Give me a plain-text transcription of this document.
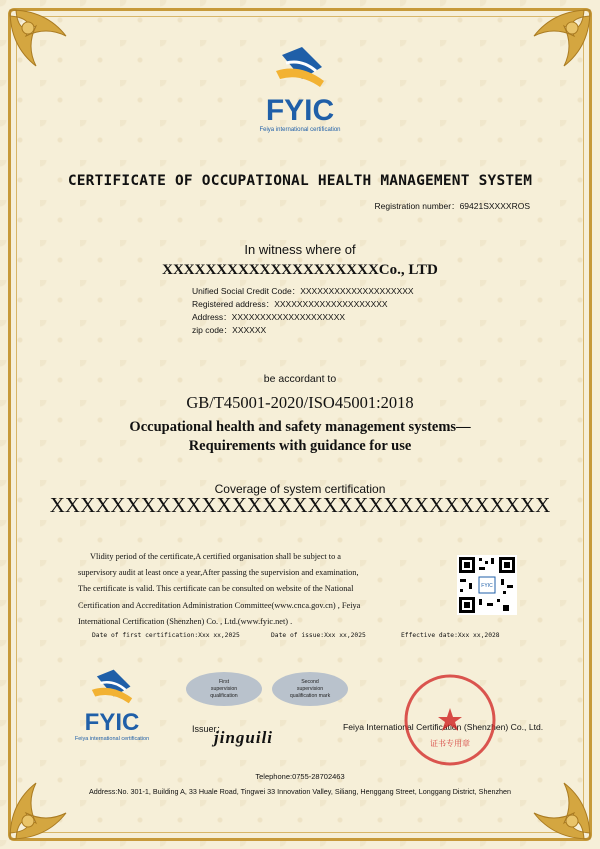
FYIC
Feiya international certification
CERTIFICATE OF OCCUPATIONAL HEALTH MANAGEMENT SYSTEM
Registration number：69421SXXXXROS
In witness where of
XXXXXXXXXXXXXXXXXXXXCo., LTD
Unified Social Credit Code：XXXXXXXXXXXXXXXXXXXX
Registered address：XXXXXXXXXXXXXXXXXXXX
Address：XXXXXXXXXXXXXXXXXXXX
zip code：XXXXXX
be accordant to
GB/T45001-2020/ISO45001:2018
Occupational health and safety management systems—
Requirements with guidance for use
Coverage of system certification
XXXXXXXXXXXXXXXXXXXXXXXXXXXXXXXXX
Vlidity period of the certificate,A certified organisation shall be subject to a
supervisory audit at least once a year,After passing the supervision and examination,
The certificate is valid. This certificate can be consulted on website of the National
Certification and Accreditation Administration Committee(www.cnca.gov.cn) , Feiya
International Certification (Shenzhen) Co. , Ltd.(www.fyic.net) .
FYIC
Date of first certification:Xxx xx,2025	Date of issue:Xxx xx,2025	Effective date:Xxx xx,2028
First
supervision
qualification
Second
supervision
qualification mark
FYIC
Feiya international certification
Issuer：
jinguili
Feiya International Certification (Shenzhen) Co., Ltd.
证书专用章
Telephone:0755-28702463
Address:No. 301-1, Building A, 33 Huale Road, Tingwei 33 Innovation Valley, Siliang, Henggang Street, Longgang District, Shenzhen
